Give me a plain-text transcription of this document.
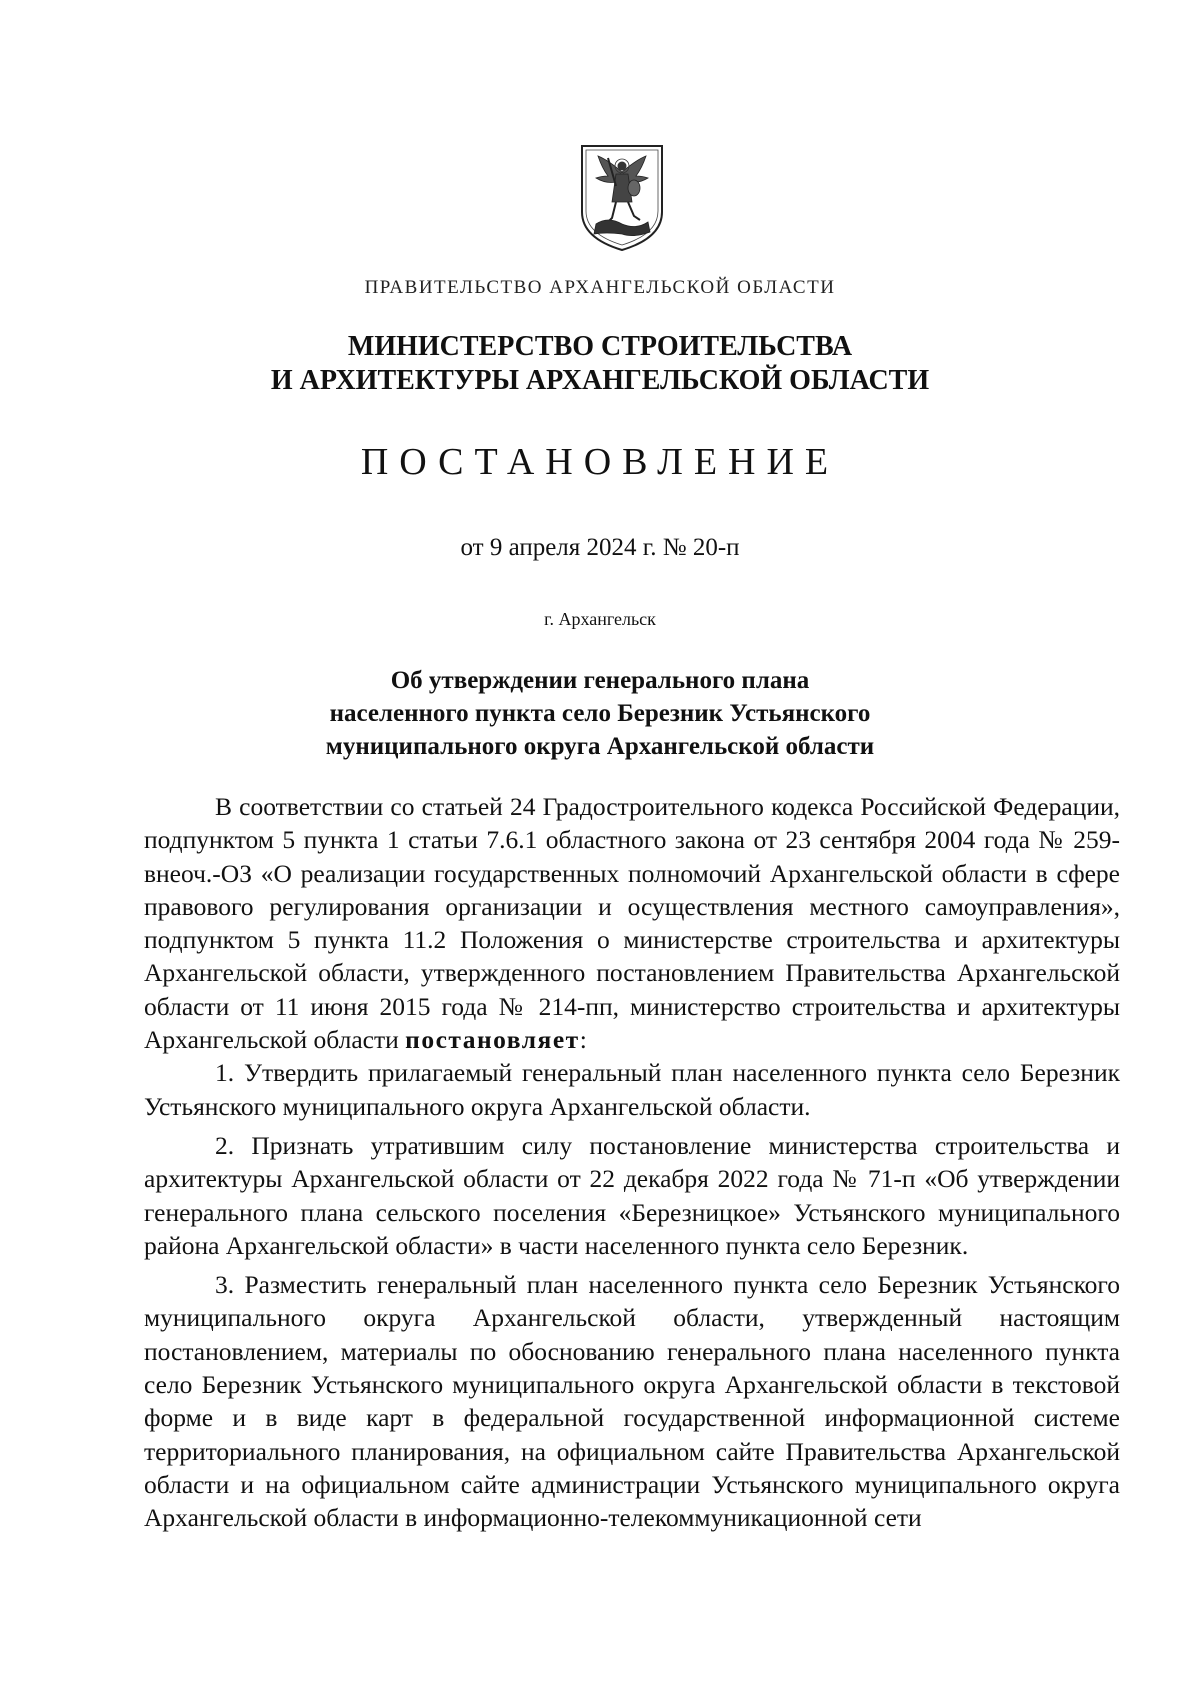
ПРАВИТЕЛЬСТВО АРХАНГЕЛЬСКОЙ ОБЛАСТИ
МИНИСТЕРСТВО СТРОИТЕЛЬСТВА
И АРХИТЕКТУРЫ АРХАНГЕЛЬСКОЙ ОБЛАСТИ
ПОСТАНОВЛЕНИЕ
от 9 апреля 2024 г. № 20-п
г. Архангельск
Об утверждении генерального плана
населенного пункта село Березник Устьянского
муниципального округа Архангельской области

В соответствии со статьей 24 Градостроительного кодекса Российской Федерации, подпунктом 5 пункта 1 статьи 7.6.1 областного закона от 23 сентября 2004 года № 259-внеоч.-ОЗ «О реализации государственных полномочий Архангельской области в сфере правового регулирования организации и осуществления местного самоуправления», подпунктом 5 пункта 11.2 Положения о министерстве строительства и архитектуры Архангельской области, утвержденного постановлением Правительства Архангельской области от 11 июня 2015 года № 214-пп, министерство строительства и архитектуры Архангельской области постановляет:

1. Утвердить прилагаемый генеральный план населенного пункта село Березник Устьянского муниципального округа Архангельской области.

2. Признать утратившим силу постановление министерства строительства и архитектуры Архангельской области от 22 декабря 2022 года № 71-п «Об утверждении генерального плана сельского поселения «Березницкое» Устьянского муниципального района Архангельской области» в части населенного пункта село Березник.

3. Разместить генеральный план населенного пункта село Березник Устьянского муниципального округа Архангельской области, утвержденный настоящим постановлением, материалы по обоснованию генерального плана населенного пункта село Березник Устьянского муниципального округа Архангельской области в текстовой форме и в виде карт в федеральной государственной информационной системе территориального планирования, на официальном сайте Правительства Архангельской области и на официальном сайте администрации Устьянского муниципального округа Архангельской области в информационно-телекоммуникационной сети
